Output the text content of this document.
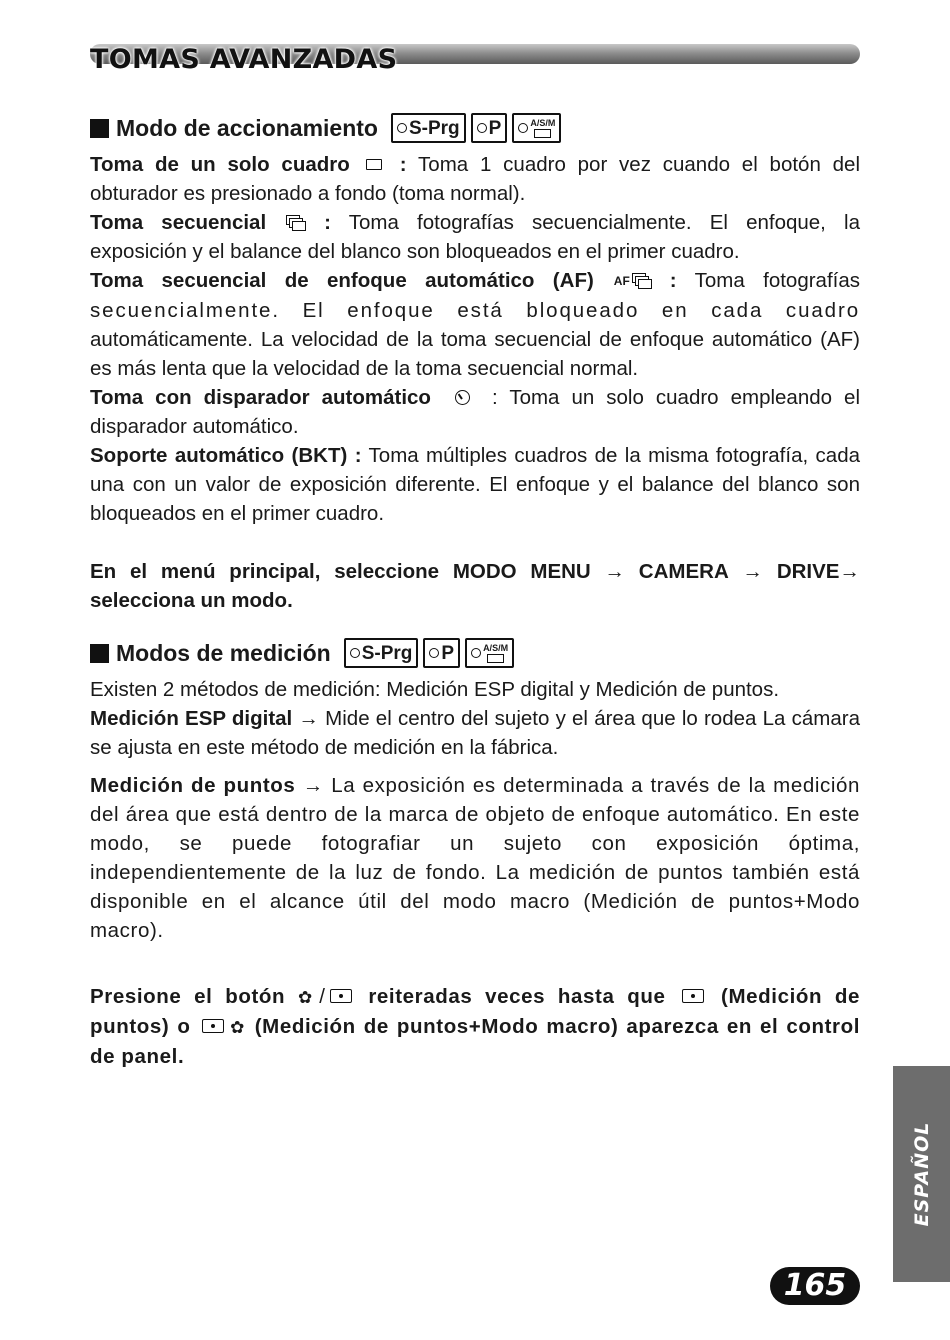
TOMAS AVANZADAS
Modo de accionamiento S-Prg P	A/S/M

Toma de un solo cuadro : Toma 1 cuadro por vez cuando el botón del obturador es presionado a fondo (toma normal).

Toma secuencial	: Toma fotografías secuencialmente. El enfoque, la exposición y el balance del blanco son bloqueados en el primer cuadro.

Toma secuencial de enfoque automático (AF) AF : Toma fotografías secuencialmente. El enfoque está bloqueado en cada cuadro automáticamente. La velocidad de la toma secuencial de enfoque automático (AF) es más lenta que la velocidad de la toma secuencial normal.

Toma con disparador automático	: Toma un solo cuadro empleando el disparador automático.

Soporte automático (BKT) : Toma múltiples cuadros de la misma fotografía, cada una con un valor de exposición diferente. El enfoque y el balance del blanco son bloqueados en el primer cuadro.

En el menú principal, seleccione MODO MENU → CAMERA → DRIVE→ selecciona un modo.

Modos de medición S-Prg P	A/S/M

Existen 2 métodos de medición: Medición ESP digital y Medición de puntos.

Medición ESP digital → Mide el centro del sujeto y el área que lo rodea La cámara se ajusta en este método de medición en la fábrica.

Medición de puntos → La exposición es determinada a través de la medición del área que está dentro de la marca de objeto de enfoque automático. En este modo, se puede fotografiar un sujeto con exposición óptima, independientemente de la luz de fondo. La medición de puntos también está disponible en el alcance útil del modo macro (Medición de puntos+Modo macro).

Presione el botón ✿/ reiteradas veces hasta que	(Medición de puntos) o ✿ (Medición de puntos+Modo macro) aparezca en el control de panel.

ESPAÑOL
165
